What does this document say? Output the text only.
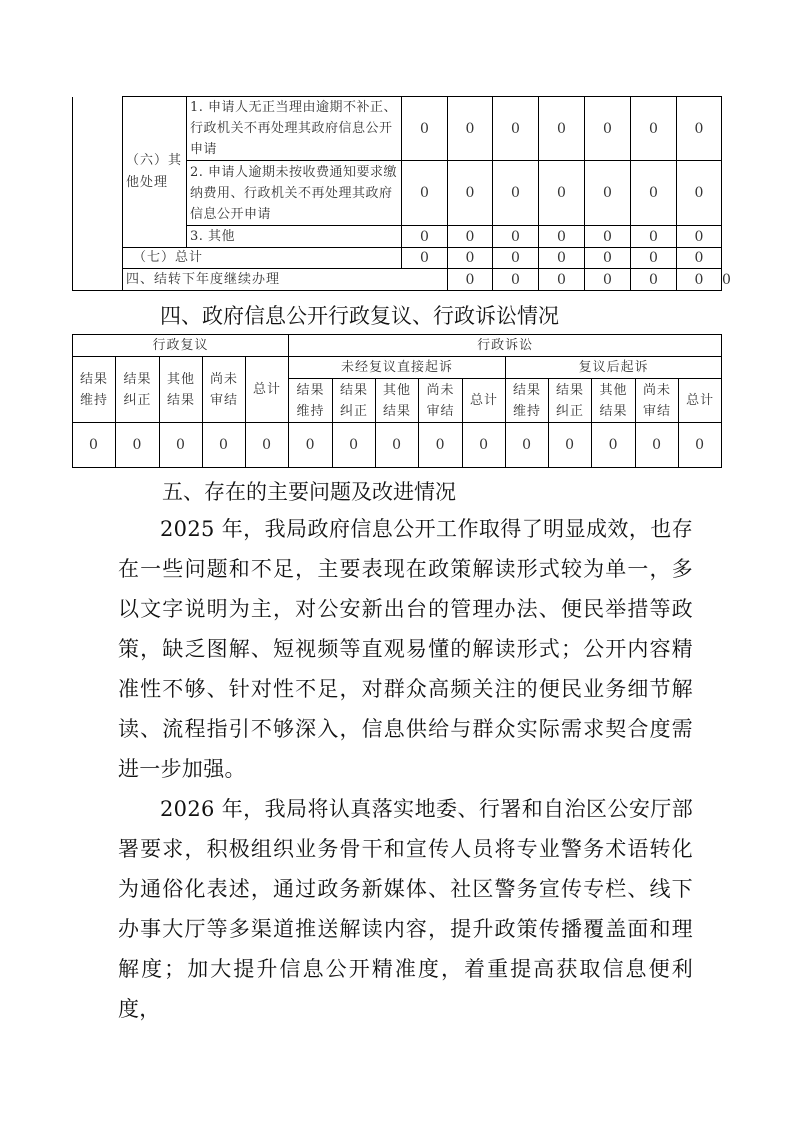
	（六）其他处理	1. 申请人无正当理由逾期不补正、行政机关不再处理其政府信息公开申请	0	0	0	0	0	0	0	
		2. 申请人逾期未按收费通知要求缴纳费用、行政机关不再处理其政府信息公开申请	0	0	0	0	0	0	0	
		3. 其他	0	0	0	0	0	0	0	
	（七）总计		0	0	0	0	0	0	0	
	四、结转下年度继续办理			0	0	0	0	0	0	0
四、政府信息公开行政复议、行政诉讼情况
行政复议					行政诉讼									
结果维持	结果纠正	其他结果	尚未审结	总计	未经复议直接起诉					复议后起诉				
					结果维持	结果纠正	其他结果	尚未审结	总计	结果维持	结果纠正	其他结果	尚未审结	总计
0	0	0	0	0	0	0	0	0	0	0	0	0	0	0
五、存在的主要问题及改进情况

2025 年，我局政府信息公开工作取得了明显成效，也存在一些问题和不足，主要表现在政策解读形式较为单一，多以文字说明为主，对公安新出台的管理办法、便民举措等政策，缺乏图解、短视频等直观易懂的解读形式；公开内容精准性不够、针对性不足，对群众高频关注的便民业务细节解读、流程指引不够深入，信息供给与群众实际需求契合度需进一步加强。

2026 年，我局将认真落实地委、行署和自治区公安厅部署要求，积极组织业务骨干和宣传人员将专业警务术语转化为通俗化表述，通过政务新媒体、社区警务宣传专栏、线下办事大厅等多渠道推送解读内容，提升政策传播覆盖面和理解度；加大提升信息公开精准度，着重提高获取信息便利度，
